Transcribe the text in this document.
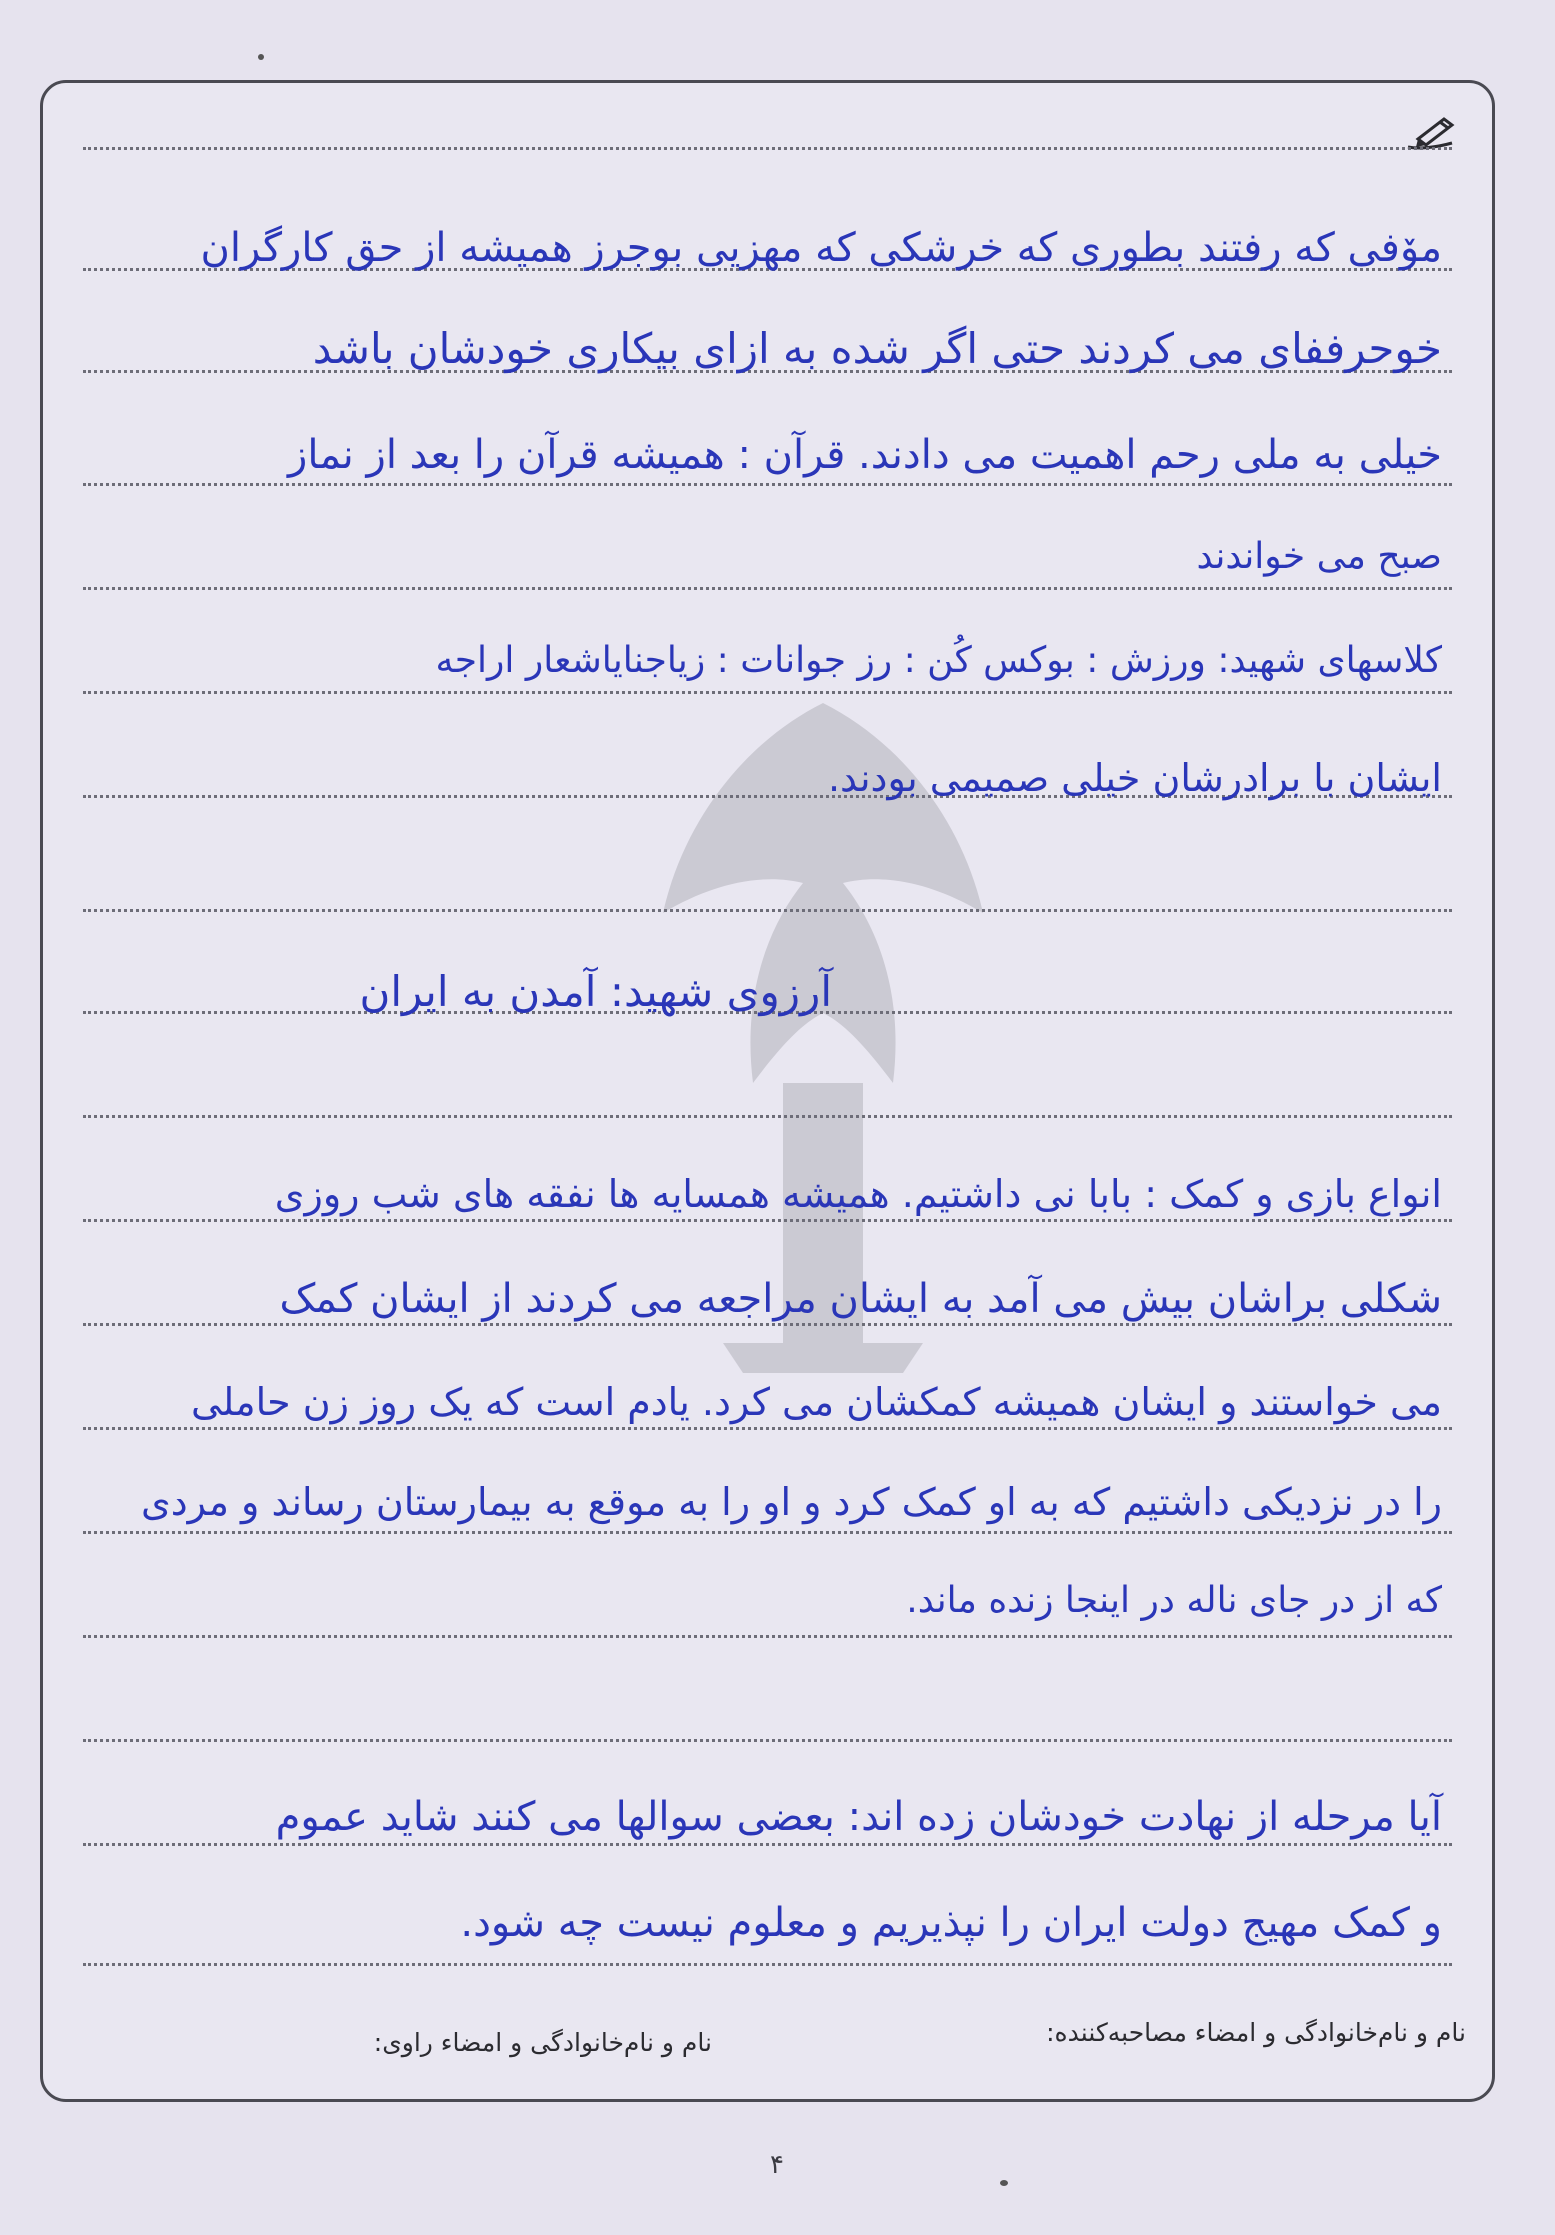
مۆفی که رفتند بطوری که خرشکی که مهزیی بوجرز همیشه از حق کارگران
خوحرففای می کردند حتی اگر شده به ازای بیکاری خودشان باشد
خیلی به ملی رحم اهمیت می دادند. قرآن : همیشه قرآن را بعد از نماز
صبح می خواندند
کلاسهای شهید: ورزش : بوکس کُن : رز جوانات : زیاجنایاشعار اراجه
ایشان با برادرشان خیلی صمیمی بودند.
آرزوی شهید: آمدن به ایران
انواع بازی و کمک : بابا نی داشتیم. همیشه همسایه ها نفقه های شب روزی
شکلی براشان بیش می آمد به ایشان مراجعه می کردند از ایشان کمک
می خواستند و ایشان همیشه کمکشان می کرد. یادم است که یک روز زن حاملی
را در نزدیکی داشتیم که به او کمک کرد و او را به موقع به بیمارستان رساند و مردی
که از در جای ناله در اینجا زنده ماند.
آیا مرحله از نهادت خودشان زده اند: بعضی سوالها می کنند شاید عموم
و کمک مهیج دولت ایران را نپذیریم و معلوم نیست چه شود.
نام و نام‌خانوادگی و امضاء مصاحبه‌کننده:
نام و نام‌خانوادگی و امضاء راوی:
۴
